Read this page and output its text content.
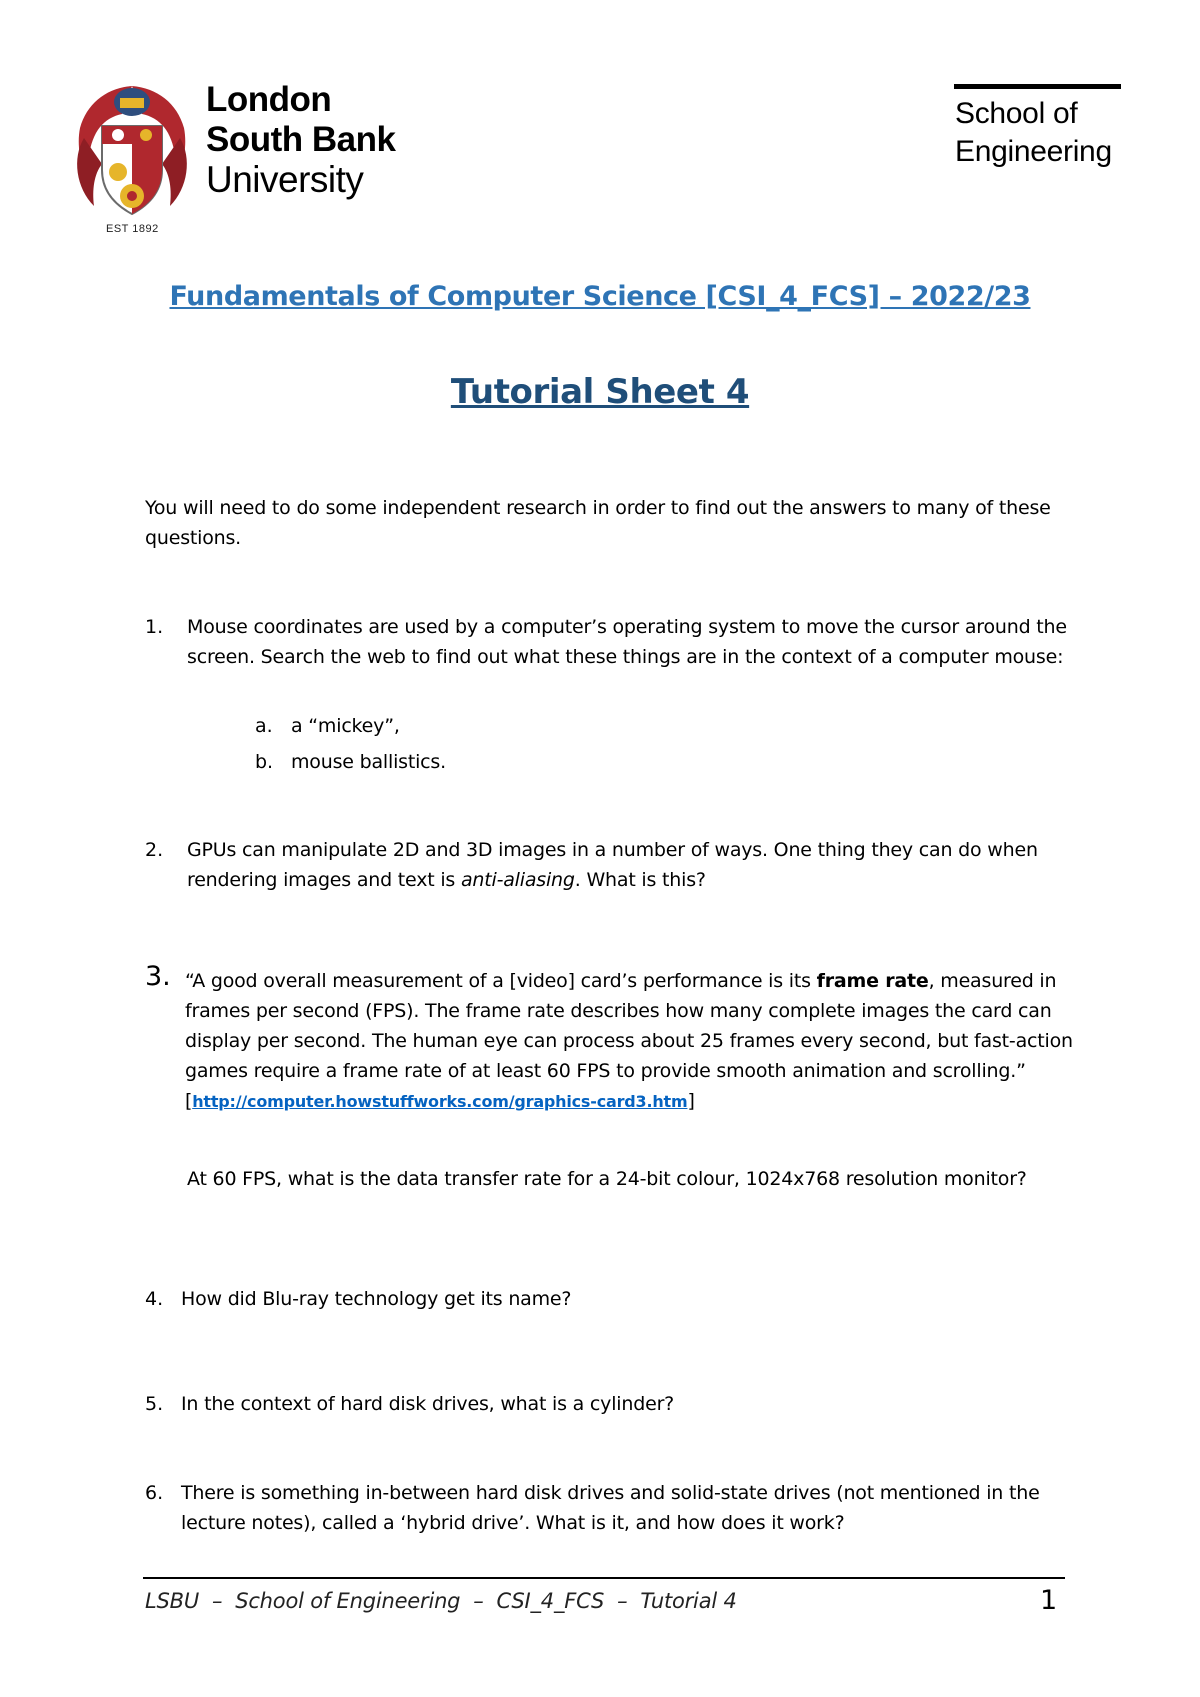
London
South Bank
University
EST 1892
School of
Engineering
Fundamentals of Computer Science [CSI_4_FCS] – 2022/23
Tutorial Sheet 4
You will need to do some independent research in order to find out the answers to many of these questions.
1. Mouse coordinates are used by a computer’s operating system to move the cursor around the screen. Search the web to find out what these things are in the context of a computer mouse:
a. a “mickey”,
b. mouse ballistics.
2. GPUs can manipulate 2D and 3D images in a number of ways. One thing they can do when rendering images and text is anti-aliasing. What is this?
3. “A good overall measurement of a [video] card’s performance is its frame rate, measured in frames per second (FPS). The frame rate describes how many complete images the card can display per second. The human eye can process about 25 frames every second, but fast-action games require a frame rate of at least 60 FPS to provide smooth animation and scrolling.” [http://computer.howstuffworks.com/graphics-card3.htm]
At 60 FPS, what is the data transfer rate for a 24-bit colour, 1024x768 resolution monitor?
4. How did Blu-ray technology get its name?
5. In the context of hard disk drives, what is a cylinder?
6. There is something in-between hard disk drives and solid-state drives (not mentioned in the lecture notes), called a ‘hybrid drive’. What is it, and how does it work?
LSBU  –  School of Engineering  –  CSI_4_FCS  –  Tutorial 4	1
